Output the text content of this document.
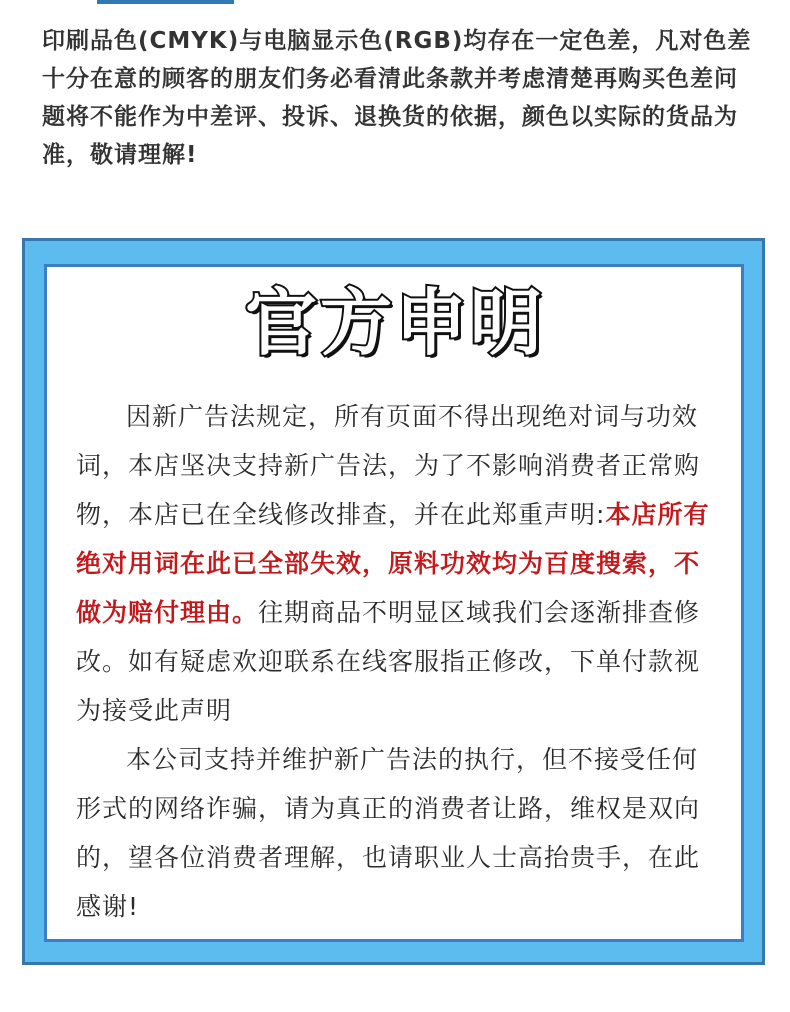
印刷品色(CMYK)与电脑显示色(RGB)均存在一定色差，凡对色差十分在意的顾客的朋友们务必看清此条款并考虑清楚再购买色差问题将不能作为中差评、投诉、退换货的依据，颜色以实际的货品为准，敬请理解!
官方申明

因新广告法规定，所有页面不得出现绝对词与功效词，本店坚决支持新广告法，为了不影响消费者正常购物，本店已在全线修改排查，并在此郑重声明:本店所有绝对用词在此已全部失效，原料功效均为百度搜索，不做为赔付理由。往期商品不明显区域我们会逐渐排查修改。如有疑虑欢迎联系在线客服指正修改，下单付款视为接受此声明

本公司支持并维护新广告法的执行，但不接受任何形式的网络诈骗，请为真正的消费者让路，维权是双向的，望各位消费者理解，也请职业人士高抬贵手，在此感谢!
